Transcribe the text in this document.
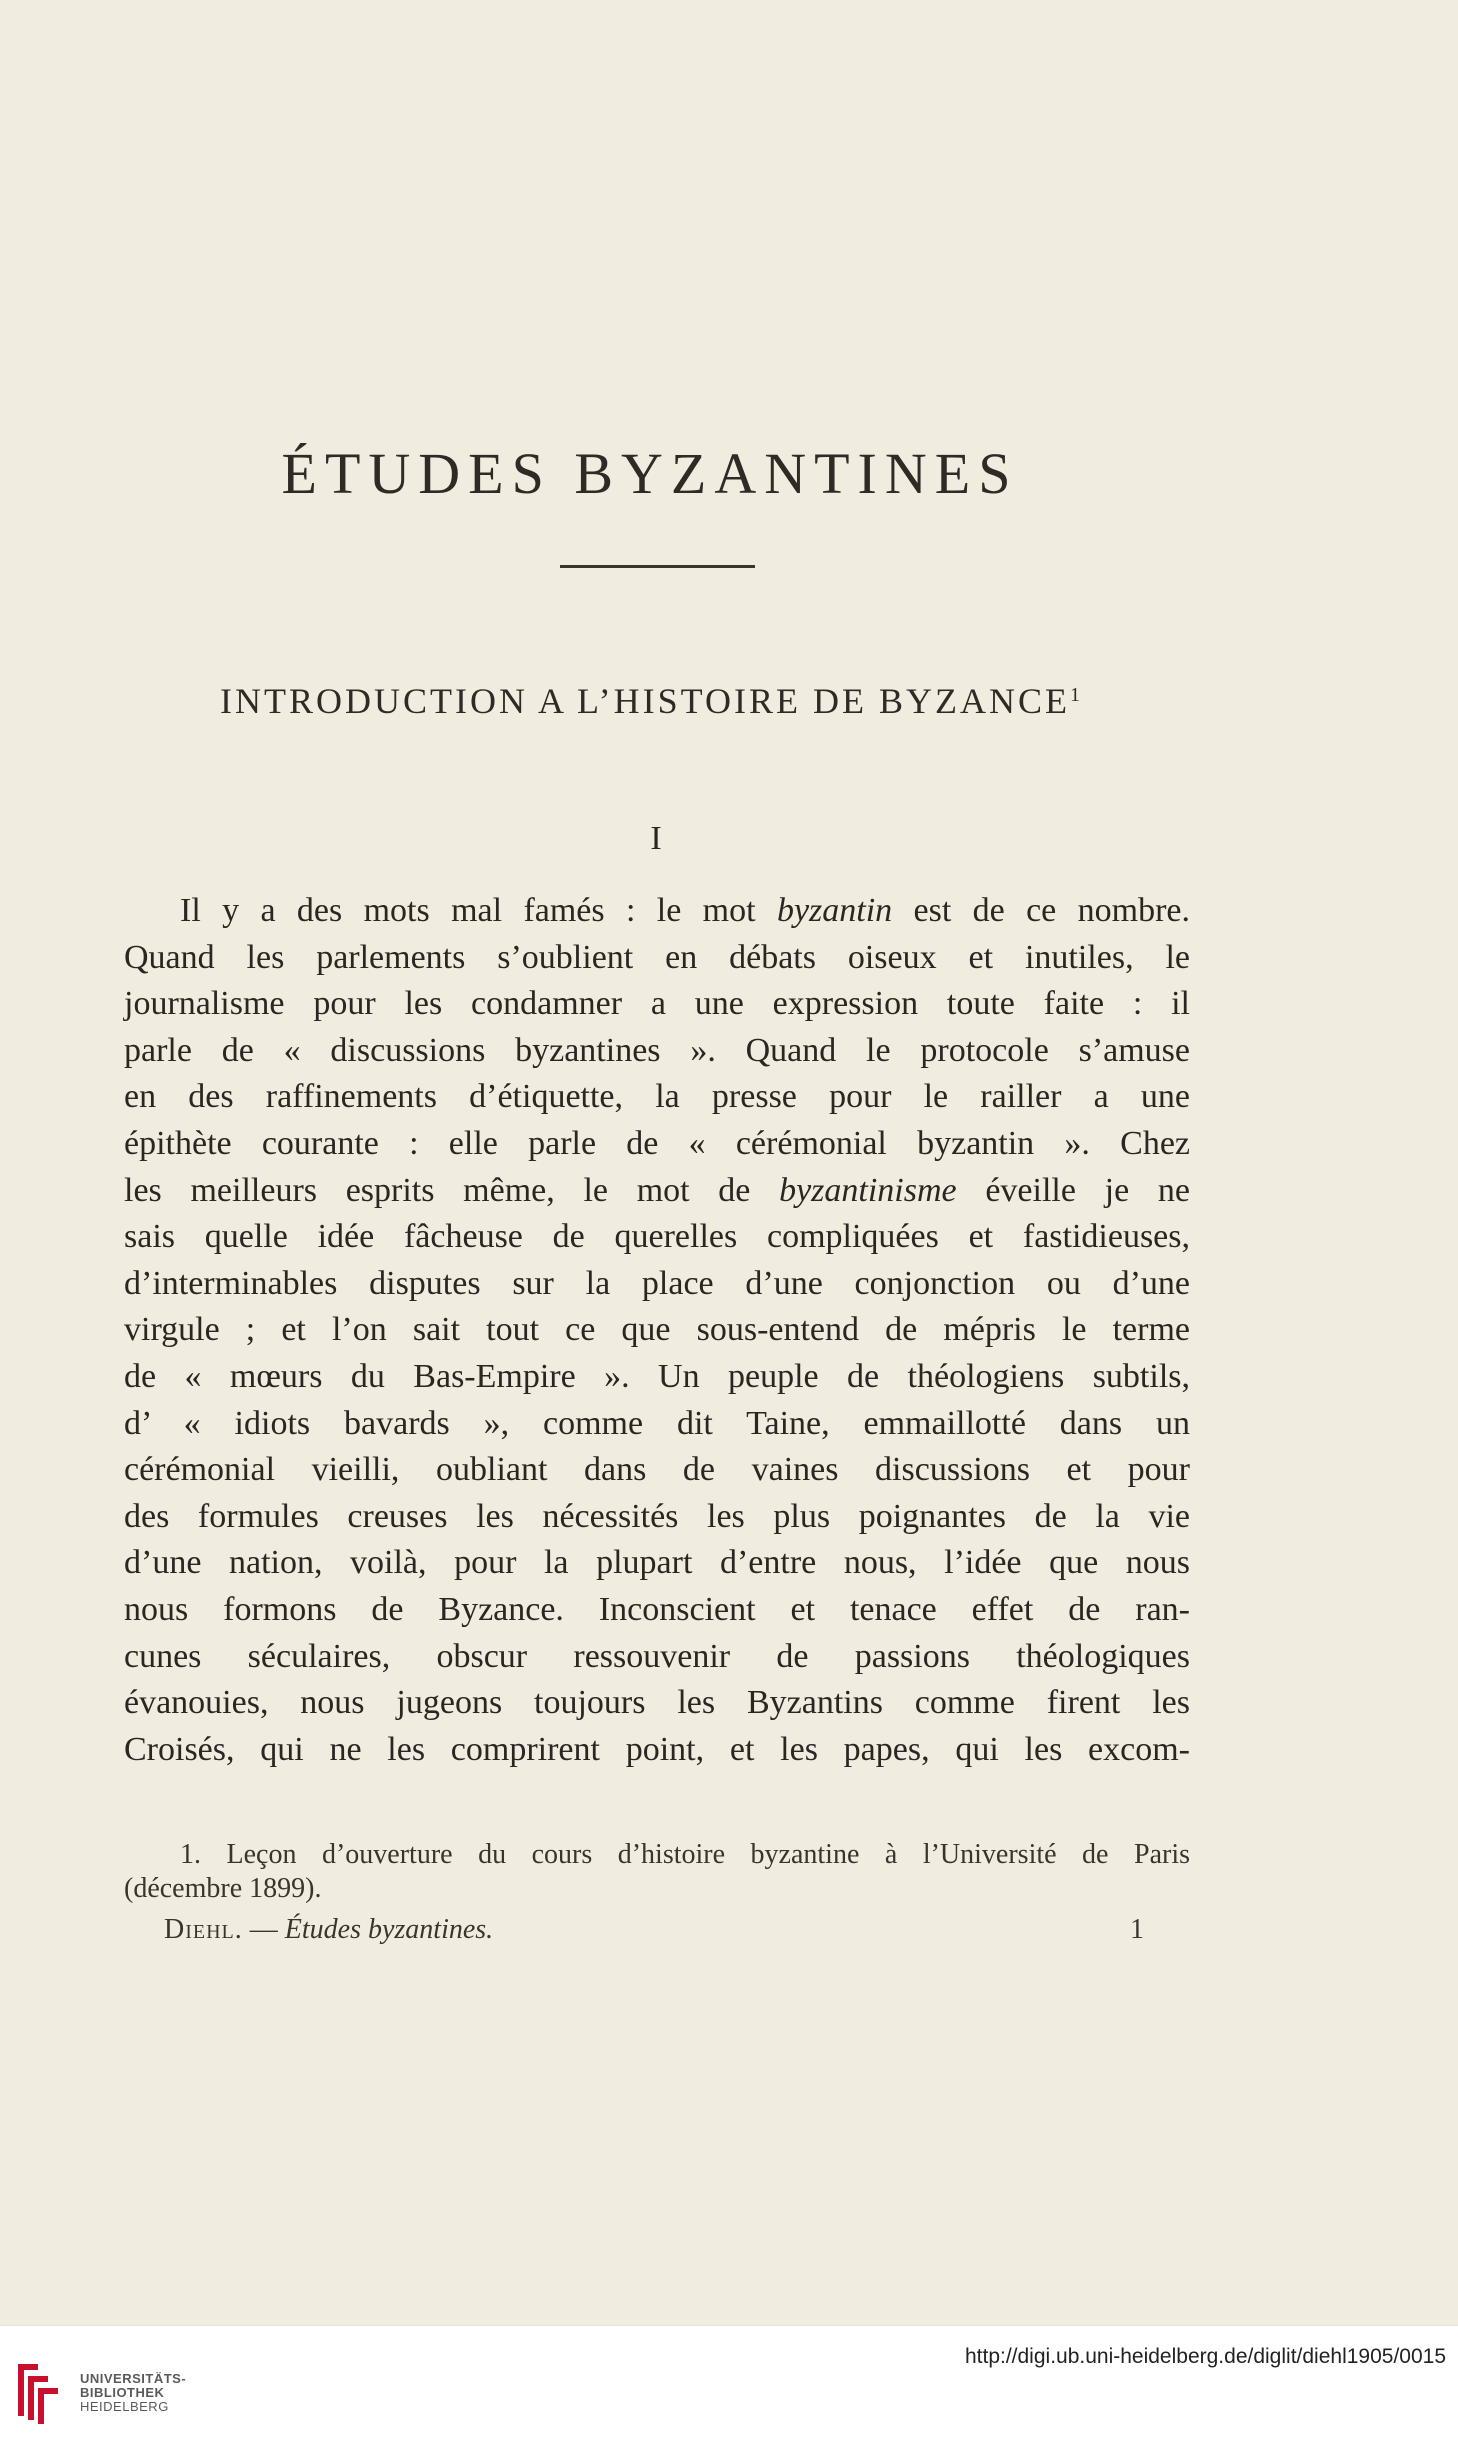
ÉTUDES BYZANTINES
INTRODUCTION A L’HISTOIRE DE BYZANCE$^1$
I
Il y a des mots mal famés : le mot byzantin est de ce nombre.
Quand les parlements s’oublient en débats oiseux et inutiles, le
journalisme pour les condamner a une expression toute faite : il
parle de « discussions byzantines ». Quand le protocole s’amuse
en des raffinements d’étiquette, la presse pour le railler a une
épithète courante : elle parle de « cérémonial byzantin ». Chez
les meilleurs esprits même, le mot de byzantinisme éveille je ne
sais quelle idée fâcheuse de querelles compliquées et fastidieuses,
d’interminables disputes sur la place d’une conjonction ou d’une
virgule ; et l’on sait tout ce que sous-entend de mépris le terme
de « mœurs du Bas-Empire ». Un peuple de théologiens subtils,
d’ « idiots bavards », comme dit Taine, emmaillotté dans un
cérémonial vieilli, oubliant dans de vaines discussions et pour
des formules creuses les nécessités les plus poignantes de la vie
d’une nation, voilà, pour la plupart d’entre nous, l’idée que nous
nous formons de Byzance. Inconscient et tenace effet de ran-
cunes séculaires, obscur ressouvenir de passions théologiques
évanouies, nous jugeons toujours les Byzantins comme firent les
Croisés, qui ne les comprirent point, et les papes, qui les excom-
1. Leçon d’ouverture du cours d’histoire byzantine à l’Université de Paris
(décembre 1899).
Diehl. — Études byzantines.	1
UNIVERSITÄTS-
BIBLIOTHEK
HEIDELBERG
http://digi.ub.uni-heidelberg.de/diglit/diehl1905/0015
